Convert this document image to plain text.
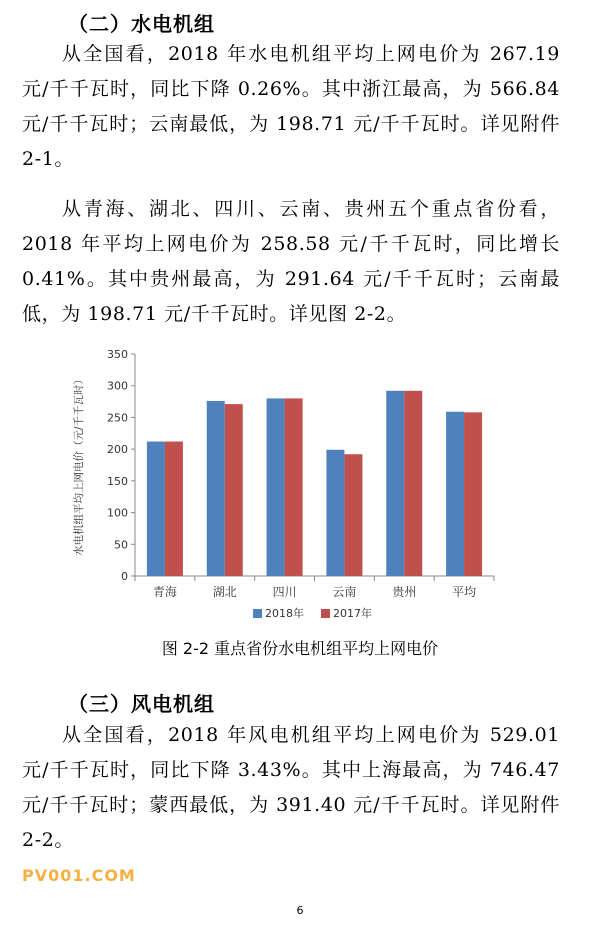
（二）水电机组

从全国看，2018 年水电机组平均上网电价为 267.19 元/千千瓦时，同比下降 0.26%。其中浙江最高，为 566.84 元/千千瓦时；云南最低，为 198.71 元/千千瓦时。详见附件 2-1。

从青海、湖北、四川、云南、贵州五个重点省份看，2018 年平均上网电价为 258.58 元/千千瓦时，同比增长 0.41%。其中贵州最高，为 291.64 元/千千瓦时；云南最低，为 198.71 元/千千瓦时。详见图 2-2。

水电机组平均上网电价（元/千千瓦时）
0
50
100
150
200
250
300
350
青海	湖北	四川	云南	贵州	平均
2018年	2017年
图 2-2 重点省份水电机组平均上网电价
（三）风电机组

从全国看，2018 年风电机组平均上网电价为 529.01 元/千千瓦时，同比下降 3.43%。其中上海最高，为 746.47 元/千千瓦时；蒙西最低，为 391.40 元/千千瓦时。详见附件 2-2。

PV001.COM
6
